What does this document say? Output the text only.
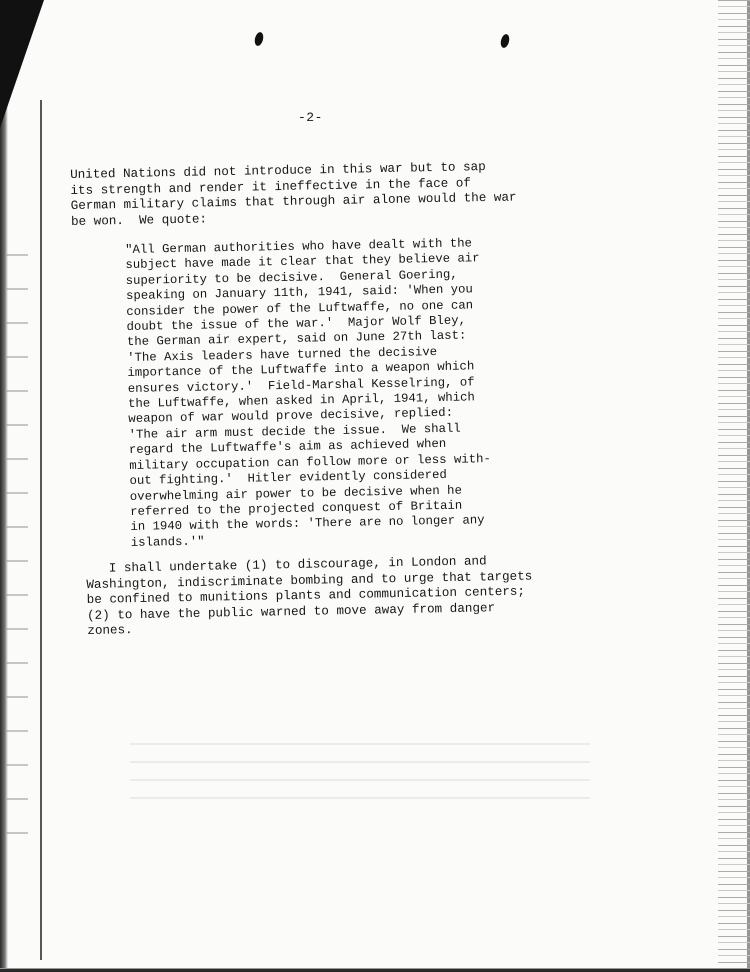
-2-
United Nations did not introduce in this war but to sap
its strength and render it ineffective in the face of
German military claims that through air alone would the war
be won.  We quote:
"All German authorities who have dealt with the
subject have made it clear that they believe air
superiority to be decisive.  General Goering,
speaking on January 11th, 1941, said: 'When you
consider the power of the Luftwaffe, no one can
doubt the issue of the war.'  Major Wolf Bley,
the German air expert, said on June 27th last:
'The Axis leaders have turned the decisive
importance of the Luftwaffe into a weapon which
ensures victory.'  Field-Marshal Kesselring, of
the Luftwaffe, when asked in April, 1941, which
weapon of war would prove decisive, replied:
'The air arm must decide the issue.  We shall
regard the Luftwaffe's aim as achieved when
military occupation can follow more or less with-
out fighting.'  Hitler evidently considered
overwhelming air power to be decisive when he
referred to the projected conquest of Britain
in 1940 with the words: 'There are no longer any
islands.'"
I shall undertake (1) to discourage, in London and
Washington, indiscriminate bombing and to urge that targets
be confined to munitions plants and communication centers;
(2) to have the public warned to move away from danger
zones.
